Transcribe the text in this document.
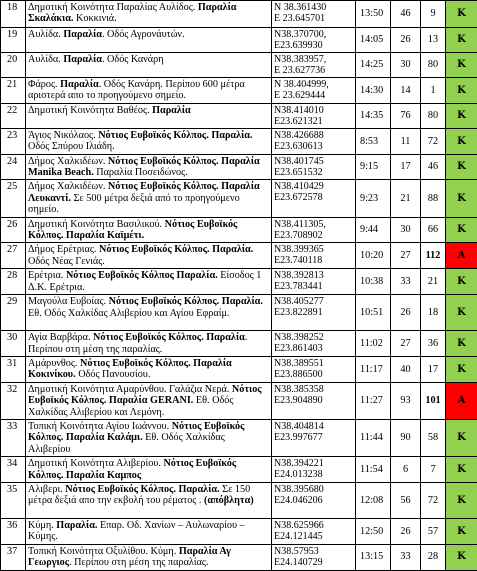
18	Δημοτική Κοινότητα Παραλίας Αυλίδος. Παραλία Σκαλάκια. Κοκκινιά.	N 38.361430
E 23.645701	13:50	46	9	Κ
19	Αυλίδα. Παραλία. Οδός Αγρονάυτών.	N38.370700,
E23.639930	14:05	26	13	Κ
20	Αυλίδα. Παραλία. Οδός Κανάρη	N38.383957,
E 23.627736	14:25	30	80	Κ
21	Φάρος. Παραλία. Οδός Κανάρη. Περίπου 600 μέτρα αριστερά απο το προηγούμενο σημείο.	N 38.404999,
E 23.629444	14:30	14	1	Κ
22	Δημοτική Κοινότητα Βαθέος. Παραλία	N38.414010
E23.621321	14:35	76	80	Κ
23	Άγιος Νικόλαος. Νότιος Ευβοϊκός Κόλπος. Παραλία. Οδός Σπύρου Ιλιάδη.	N38.426688
E23.630613	8:53	11	72	Κ
24	Δήμος Χαλκιδέων. Νότιος Ευβοϊκός Κόλπος. Παραλία Manika Beach. Παραλία Ποσειδώνος.	N38.401745
E23.651532	9:15	17	46	Κ
25	Δήμος Χαλκιδέων. Νότιος Ευβοϊκός Κόλπος. Παραλία Λευκαντί. Σε 500 μέτρα δεξιά από το προηγούμενο σημείο.	N38.410429
E23.672578	9:23	21	88	Κ
26	Δημοτική Κοινότητα Βασιλικού. Νότιος Ευβοϊκός Κόλπος. Παραλία Καϊμέτι.	N38.411305,
E23.708902	9:44	30	66	Κ
27	Δήμος Ερέτριας. Νότιος Ευβοϊκός Κόλπος. Παραλία. Οδός Νέας Γενιάς.	N38.399365
E23.740118	10:20	27	112	Α
28	Ερέτρια. Νότιος Ευβοϊκός Κόλπος Παραλία. Είσοδος 1 Δ.Κ. Ερέτρια.	N38.392813
E23.783441	10:38	33	21	Κ
29	Μαγούλα Ευβοίας. Νότιος Ευβοϊκός Κόλπος. Παραλία. Εθ. Οδός Χαλκίδας Αλιβερίου και Αγίου Εφραίμ.	N38.405277
E23.822891	10:51	26	18	Κ
30	Αγία Βαρβάρα. Νότιος Ευβοϊκός Κόλπος. Παραλία. Περίπου στη μέση της παραλίας.	N38.398252
E23.861403	11:02	27	36	Κ
31	Αμάρυνθος. Νότιος Ευβοϊκός Κόλπος. Παραλία Κοκινίκου. Οδός Πανουσίου.	N38.389551
E23.886500	11:17	40	17	Κ
32	Δημοτική Κοινότητα Αμαρύνθου. Γαλάζια Νερά. Νότιος Ευβοϊκός Κόλπος. Παραλία GERANI. Εθ. Οδός Χαλκίδας Αλιβερίου και Λεμόνη.	N38.385358
E23.904890	11:27	93	101	Α
33	Τοπική Κοινότητα Αγίου Ιωάννου. Νότιος Ευβοϊκός Κόλπος. Παραλία Καλάμι. Εθ. Οδός Χαλκίδας Αλιβερίου	N38.404814
E23.997677	11:44	90	58	Κ
34	Δημοτική Κοινότητα Αλιβερίου. Νότιος Ευβοϊκός Κόλπος. Παραλία Καμπος	N38.394221
E24.013238	11:54	6	7	Κ
35	Αλιβερι. Νότιος Ευβοϊκός Κόλπος. Παραλία. Σε 150 μέτρα δεξιά απο την εκβολή του ρέματος . (απόβλητα)	N38.395680
E24.046206	12:08	56	72	Κ
36	Κύμη. Παραλία. Επαρ. Οδ. Χανίων – Αυλωναρίου – Κύμης.	N38.625966
E24.121445	12:50	26	57	Κ
37	Τοπική Κοινότητα Οξυλίθου. Κύμη. Παραλία Αγ Γεωργιος. Περίπου στη μέση της παραλίας.	N38.57953
E24.140729	13:15	33	28	Κ
